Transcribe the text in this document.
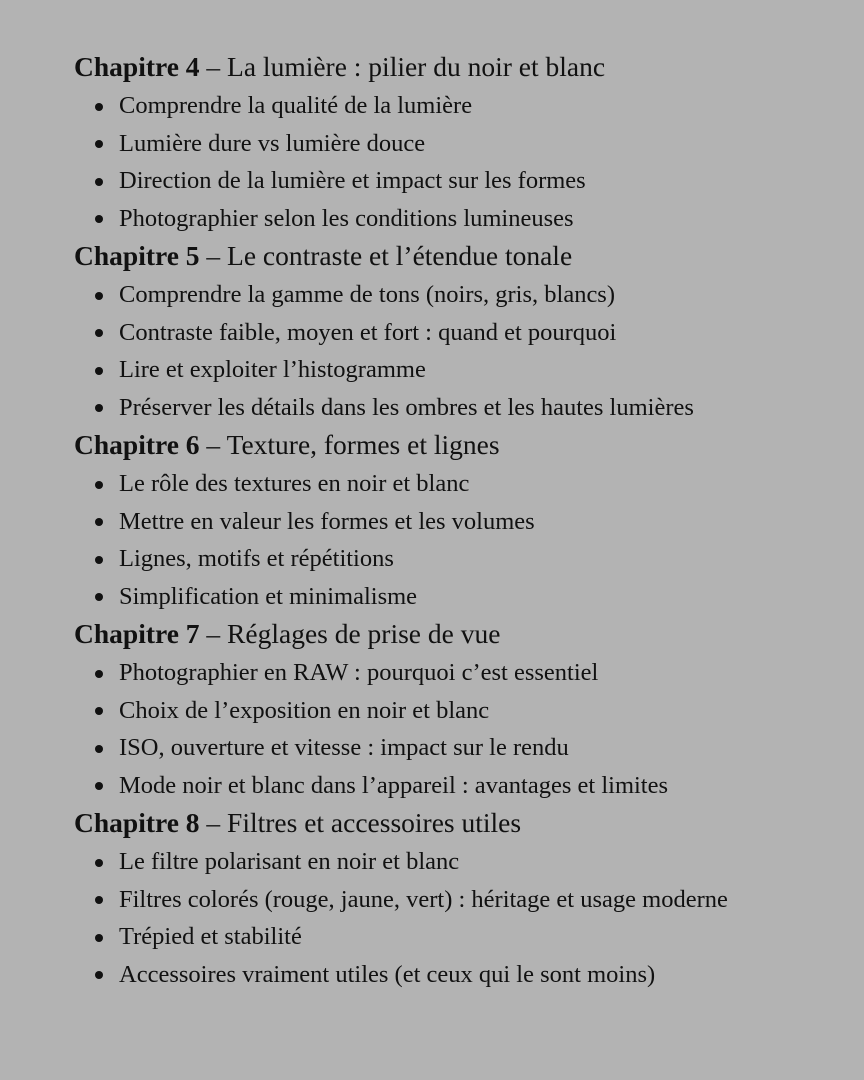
Chapitre 4 – La lumière : pilier du noir et blanc
Comprendre la qualité de la lumière
Lumière dure vs lumière douce
Direction de la lumière et impact sur les formes
Photographier selon les conditions lumineuses
Chapitre 5 – Le contraste et l’étendue tonale
Comprendre la gamme de tons (noirs, gris, blancs)
Contraste faible, moyen et fort : quand et pourquoi
Lire et exploiter l’histogramme
Préserver les détails dans les ombres et les hautes lumières
Chapitre 6 – Texture, formes et lignes
Le rôle des textures en noir et blanc
Mettre en valeur les formes et les volumes
Lignes, motifs et répétitions
Simplification et minimalisme
Chapitre 7 – Réglages de prise de vue
Photographier en RAW : pourquoi c’est essentiel
Choix de l’exposition en noir et blanc
ISO, ouverture et vitesse : impact sur le rendu
Mode noir et blanc dans l’appareil : avantages et limites
Chapitre 8 – Filtres et accessoires utiles
Le filtre polarisant en noir et blanc
Filtres colorés (rouge, jaune, vert) : héritage et usage moderne
Trépied et stabilité
Accessoires vraiment utiles (et ceux qui le sont moins)
